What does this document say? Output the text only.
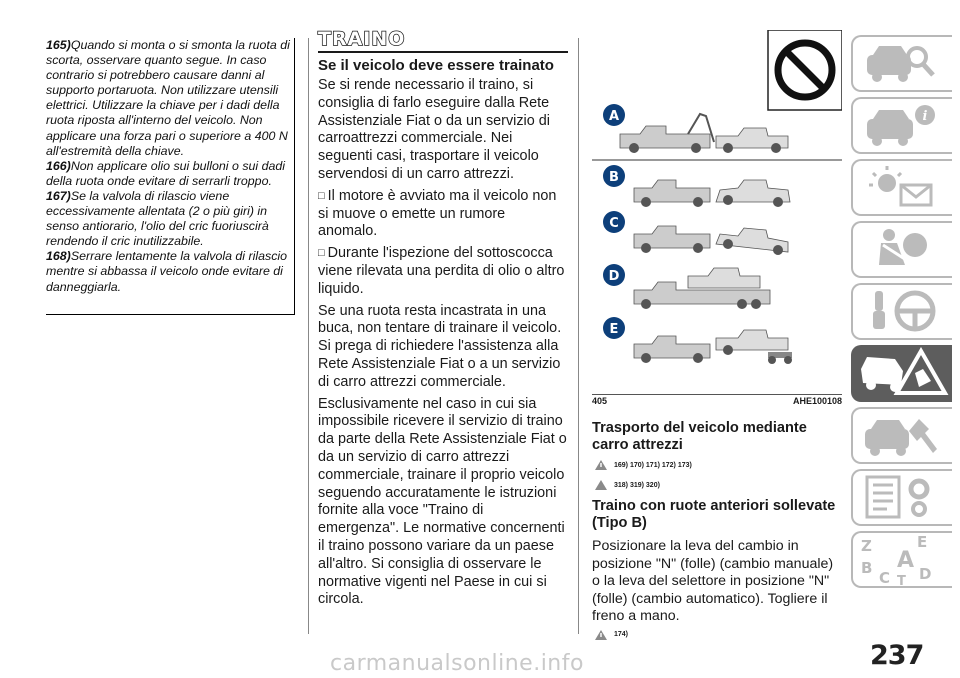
165)Quando si monta o si smonta la ruota di scorta, osservare quanto segue. In caso contrario si potrebbero causare danni al supporto portaruota. Non utilizzare utensili elettrici. Utilizzare la chiave per i dadi della ruota riposta all'interno del veicolo. Non applicare una forza pari o superiore a 400 N all'estremità della chiave.

166)Non applicare olio sui bulloni o sui dadi della ruota onde evitare di serrarli troppo.

167)Se la valvola di rilascio viene eccessivamente allentata (2 o più giri) in senso antiorario, l'olio del cric fuoriuscirà rendendo il cric inutilizzabile.

168)Serrare lentamente la valvola di rilascio mentre si abbassa il veicolo onde evitare di danneggiarla.

TRAINO
Se il veicolo deve essere trainato

Se si rende necessario il traino, si consiglia di farlo eseguire dalla Rete Assistenziale Fiat o da un servizio di carroattrezzi commerciale. Nei seguenti casi, trasportare il veicolo servendosi di un carro attrezzi.

□ Il motore è avviato ma il veicolo non si muove o emette un rumore anomalo.

□ Durante l'ispezione del sottoscocca viene rilevata una perdita di olio o altro liquido.

Se una ruota resta incastrata in una buca, non tentare di trainare il veicolo. Si prega di richiedere l'assistenza alla Rete Assistenziale Fiat o a un servizio di carro attrezzi commerciale.

Esclusivamente nel caso in cui sia impossibile ricevere il servizio di traino da parte della Rete Assistenziale Fiat o da un servizio di carro attrezzi commerciale, trainare il proprio veicolo seguendo accuratamente le istruzioni fornite alla voce "Traino di emergenza". Le normative concernenti il traino possono variare da un paese all'altro. Si consiglia di osservare le normative vigenti nel Paese in cui si circola.

A
B
C
D
E
405	AHE100108
Trasporto del veicolo mediante carro attrezzi
169) 170) 171) 172) 173)
318) 319) 320)
Traino con ruote anteriori sollevate (Tipo B)

Posizionare la leva del cambio in posizione "N" (folle) (cambio manuale) o la leva del selettore in posizione "N" (folle) (cambio automatico). Togliere il freno a mano.

174)
i
Z	E
B A
C T D
237
carmanualsonline.info
